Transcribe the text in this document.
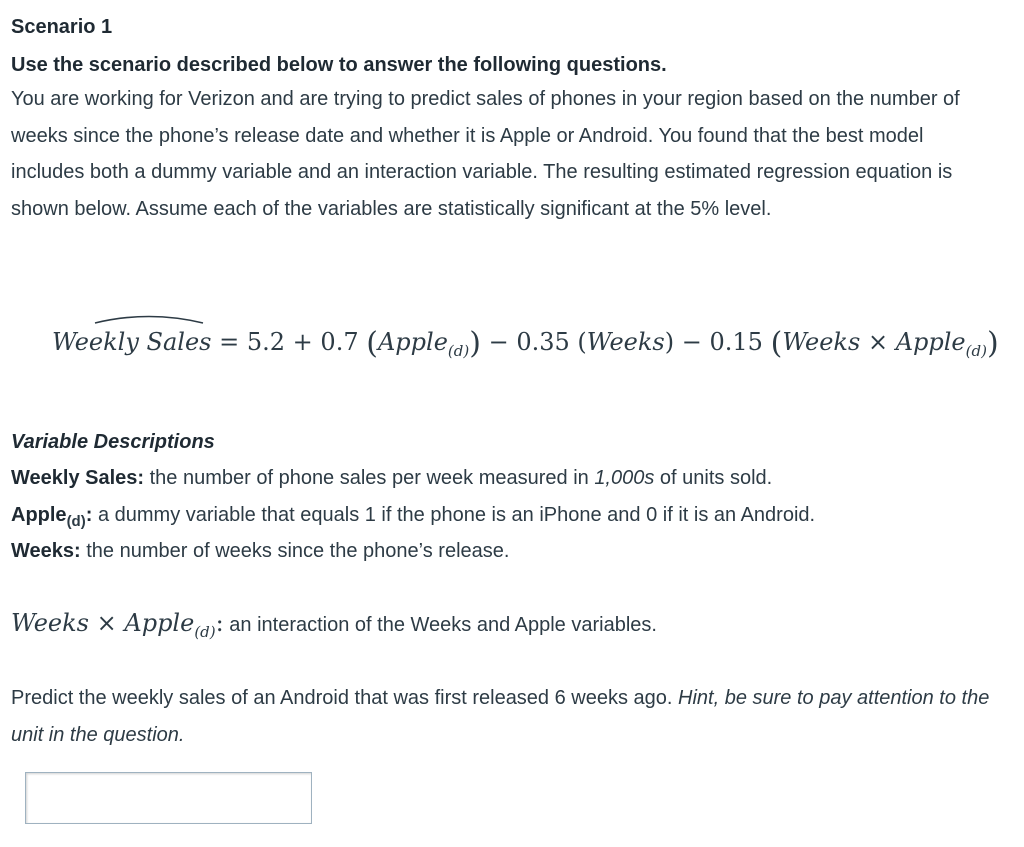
Scenario 1
Use the scenario described below to answer the following questions.
You are working for Verizon and are trying to predict sales of phones in your region based on the number of weeks since the phone’s release date and whether it is Apple or Android. You found that the best model includes both a dummy variable and an interaction variable. The resulting estimated regression equation is shown below. Assume each of the variables are statistically significant at the 5% level.
Weekly Sales = 5.2 + 0.7 (Apple$_{(d)}$) − 0.35 (Weeks) − 0.15 (Weeks × Apple$_{(d)}$)
Variable Descriptions
Weekly Sales: the number of phone sales per week measured in 1,000s of units sold.
Apple$_{(d)}$: a dummy variable that equals 1 if the phone is an iPhone and 0 if it is an Android.
Weeks: the number of weeks since the phone’s release.
Weeks × Apple$_{(d)}$: an interaction of the Weeks and Apple variables.
Predict the weekly sales of an Android that was first released 6 weeks ago. Hint, be sure to pay attention to the unit in the question.
